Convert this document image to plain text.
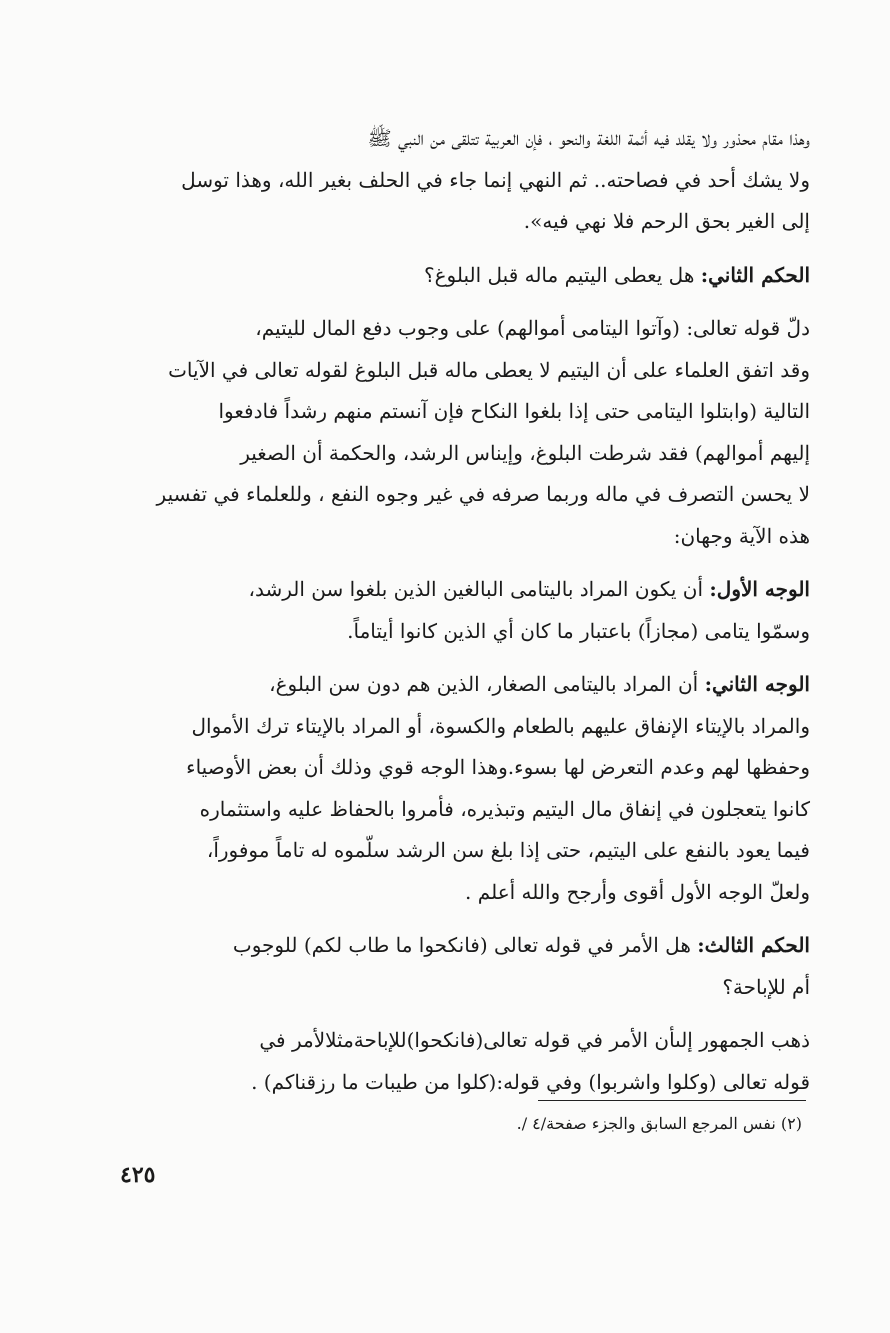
وهذا مقام محذور ولا يقلد فيه أئمة اللغة والنحو ، فإن العربية تتلقى من النبي ﷺ
ولا يشك أحد في فصاحته.. ثم النهي إنما جاء في الحلف بغير الله، وهذا توسل
إلى الغير بحق الرحم فلا نهي فيه».
الحكم الثاني: هل يعطى اليتيم ماله قبل البلوغ؟
دلّ قوله تعالى: (وآتوا اليتامى أموالهم) على وجوب دفع المال لليتيم،
وقد اتفق العلماء على أن اليتيم لا يعطى ماله قبل البلوغ لقوله تعالى في الآيات
التالية (وابتلوا اليتامى حتى إذا بلغوا النكاح فإن آنستم منهم رشداً فادفعوا
إليهم أموالهم) فقد شرطت البلوغ، وإيناس الرشد، والحكمة أن الصغير
لا يحسن التصرف في ماله وربما صرفه في غير وجوه النفع ، وللعلماء في تفسير
هذه الآية وجهان:
الوجه الأول: أن يكون المراد باليتامى البالغين الذين بلغوا سن الرشد،
وسمّوا يتامى (مجازاً) باعتبار ما كان أي الذين كانوا أيتاماً.
الوجه الثاني: أن المراد باليتامى الصغار، الذين هم دون سن البلوغ،
والمراد بالإيتاء الإنفاق عليهم بالطعام والكسوة، أو المراد بالإيتاء ترك الأموال
وحفظها لهم وعدم التعرض لها بسوء.وهذا الوجه قوي وذلك أن بعض الأوصياء
كانوا يتعجلون في إنفاق مال اليتيم وتبذيره، فأمروا بالحفاظ عليه واستثماره
فيما يعود بالنفع على اليتيم، حتى إذا بلغ سن الرشد سلّموه له تاماً موفوراً،
ولعلّ الوجه الأول أقوى وأرجح والله أعلم .
الحكم الثالث: هل الأمر في قوله تعالى (فانكحوا ما طاب لكم) للوجوب
أم للإباحة؟
ذهب الجمهور إلىأن الأمر في قوله تعالى(فانكحوا)للإباحةمثلالأمر في
قوله تعالى (وكلوا واشربوا) وفي قوله:(كلوا من طيبات ما رزقناكم) .
(٢) نفس المرجع السابق والجزء صفحة/٤ /.
٤٢٥
